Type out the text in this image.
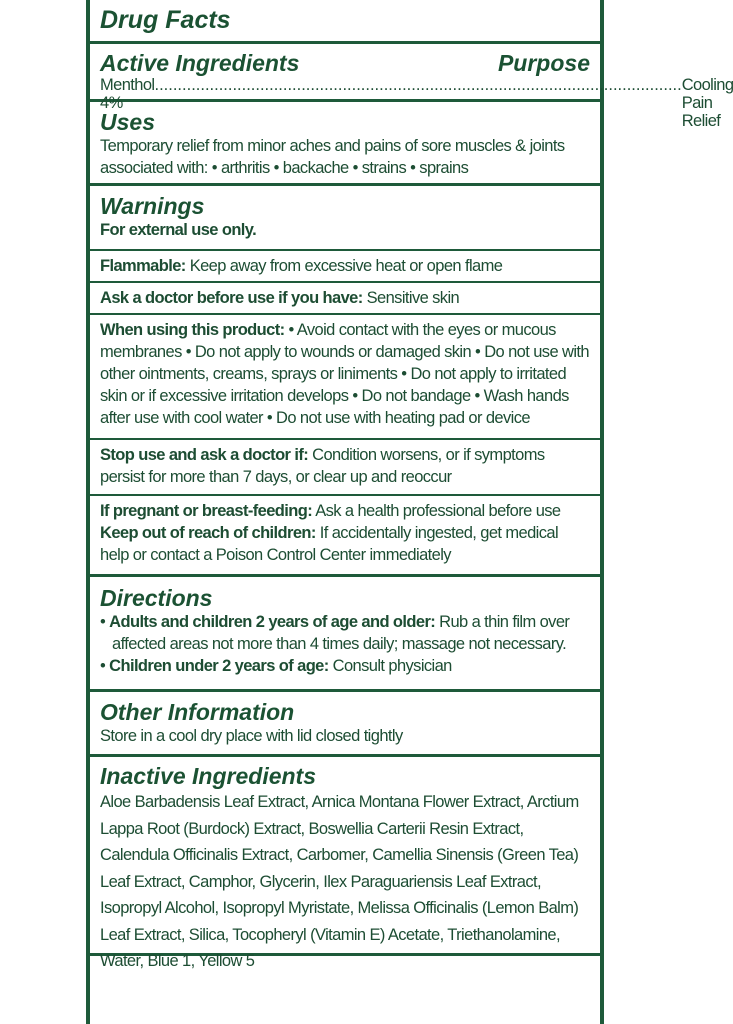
Drug Facts
Active Ingredients	Purpose
Menthol 4%
................................................................................................................... Cooling Pain Relief
Uses
Temporary relief from minor aches and pains of sore muscles & joints associated with: • arthritis • backache • strains • sprains
Warnings
For external use only.
Flammable: Keep away from excessive heat or open flame
Ask a doctor before use if you have: Sensitive skin
When using this product: • Avoid contact with the eyes or mucous membranes • Do not apply to wounds or damaged skin • Do not use with other ointments, creams, sprays or liniments • Do not apply to irritated skin or if excessive irritation develops • Do not bandage • Wash hands after use with cool water • Do not use with heating pad or device
Stop use and ask a doctor if: Condition worsens, or if symptoms persist for more than 7 days, or clear up and reoccur
If pregnant or breast-feeding: Ask a health professional before use
Keep out of reach of children: If accidentally ingested, get medical help or contact a Poison Control Center immediately
Directions
• Adults and children 2 years of age and older: Rub a thin film over affected areas not more than 4 times daily; massage not necessary.
• Children under 2 years of age: Consult physician
Other Information
Store in a cool dry place with lid closed tightly
Inactive Ingredients
Aloe Barbadensis Leaf Extract, Arnica Montana Flower Extract, Arctium Lappa Root (Burdock) Extract, Boswellia Carterii Resin Extract, Calendula Officinalis Extract, Carbomer, Camellia Sinensis (Green Tea) Leaf Extract, Camphor, Glycerin, Ilex Paraguariensis Leaf Extract, Isopropyl Alcohol, Isopropyl Myristate, Melissa Officinalis (Lemon Balm) Leaf Extract, Silica, Tocopheryl (Vitamin E) Acetate, Triethanolamine, Water, Blue 1, Yellow 5
